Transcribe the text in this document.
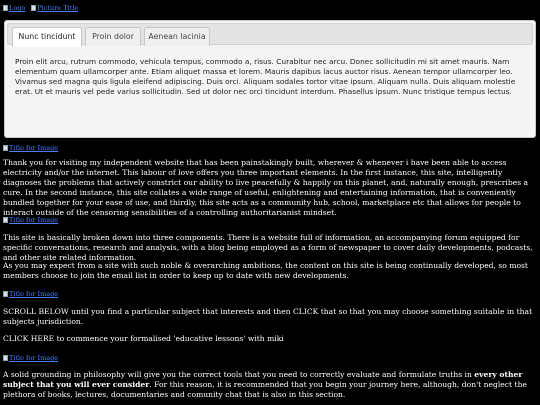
Logo Picture Title
Nunc tincidunt	Proin dolor	Aenean lacinia
Proin elit arcu, rutrum commodo, vehicula tempus, commodo a, risus. Curabitur nec arcu. Donec sollicitudin mi sit amet mauris. Nam elementum quam ullamcorper ante. Etiam aliquet massa et lorem. Mauris dapibus lacus auctor risus. Aenean tempor ullamcorper leo. Vivamus sed magna quis ligula eleifend adipiscing. Duis orci. Aliquam sodales tortor vitae ipsum. Aliquam nulla. Duis aliquam molestie erat. Ut et mauris vel pede varius sollicitudin. Sed ut dolor nec orci tincidunt interdum. Phasellus ipsum. Nunc tristique tempus lectus.
Title for Image

Thank you for visiting my independent website that has been painstakingly built, wherever & whenever i have been able to access electricity and/or the internet. This labour of love offers you three important elements. In the first instance, this site, intelligently diagnoses the problems that actively constrict our ability to live peacefully & happily on this planet, and, naturally enough, prescribes a cure. In the second instance, this site collates a wide range of useful, enlightening and entertaining information, that is conveniently bundled together for your ease of use, and thirdly, this site acts as a community hub, school, marketplace etc that allows for people to interact outside of the censoring sensibilities of a controlling authoritarianist mindset.

Title for Image

This site is basically broken down into three components. There is a website full of information, an accompanying forum equipped for specific conversations, research and analysis, with a blog being employed as a form of newspaper to cover daily developments, podcasts, and other site related information.

As you may expect from a site with such noble & overarching ambitions, the content on this site is being continually developed, so most members choose to join the email list in order to keep up to date with new developments.

Title for Image

SCROLL BELOW until you find a particular subject that interests and then CLICK that so that you may choose something suitable in that subjects jurisdiction.

CLICK HERE to commence your formalised 'educative lessons' with miki

Title for Image

A solid grounding in philosophy will give you the correct tools that you need to correctly evaluate and formulate truths in every other subject that you will ever consider. For this reason, it is recommended that you begin your journey here, although, don't neglect the plethora of books, lectures, documentaries and comunity chat that is also in this section.
